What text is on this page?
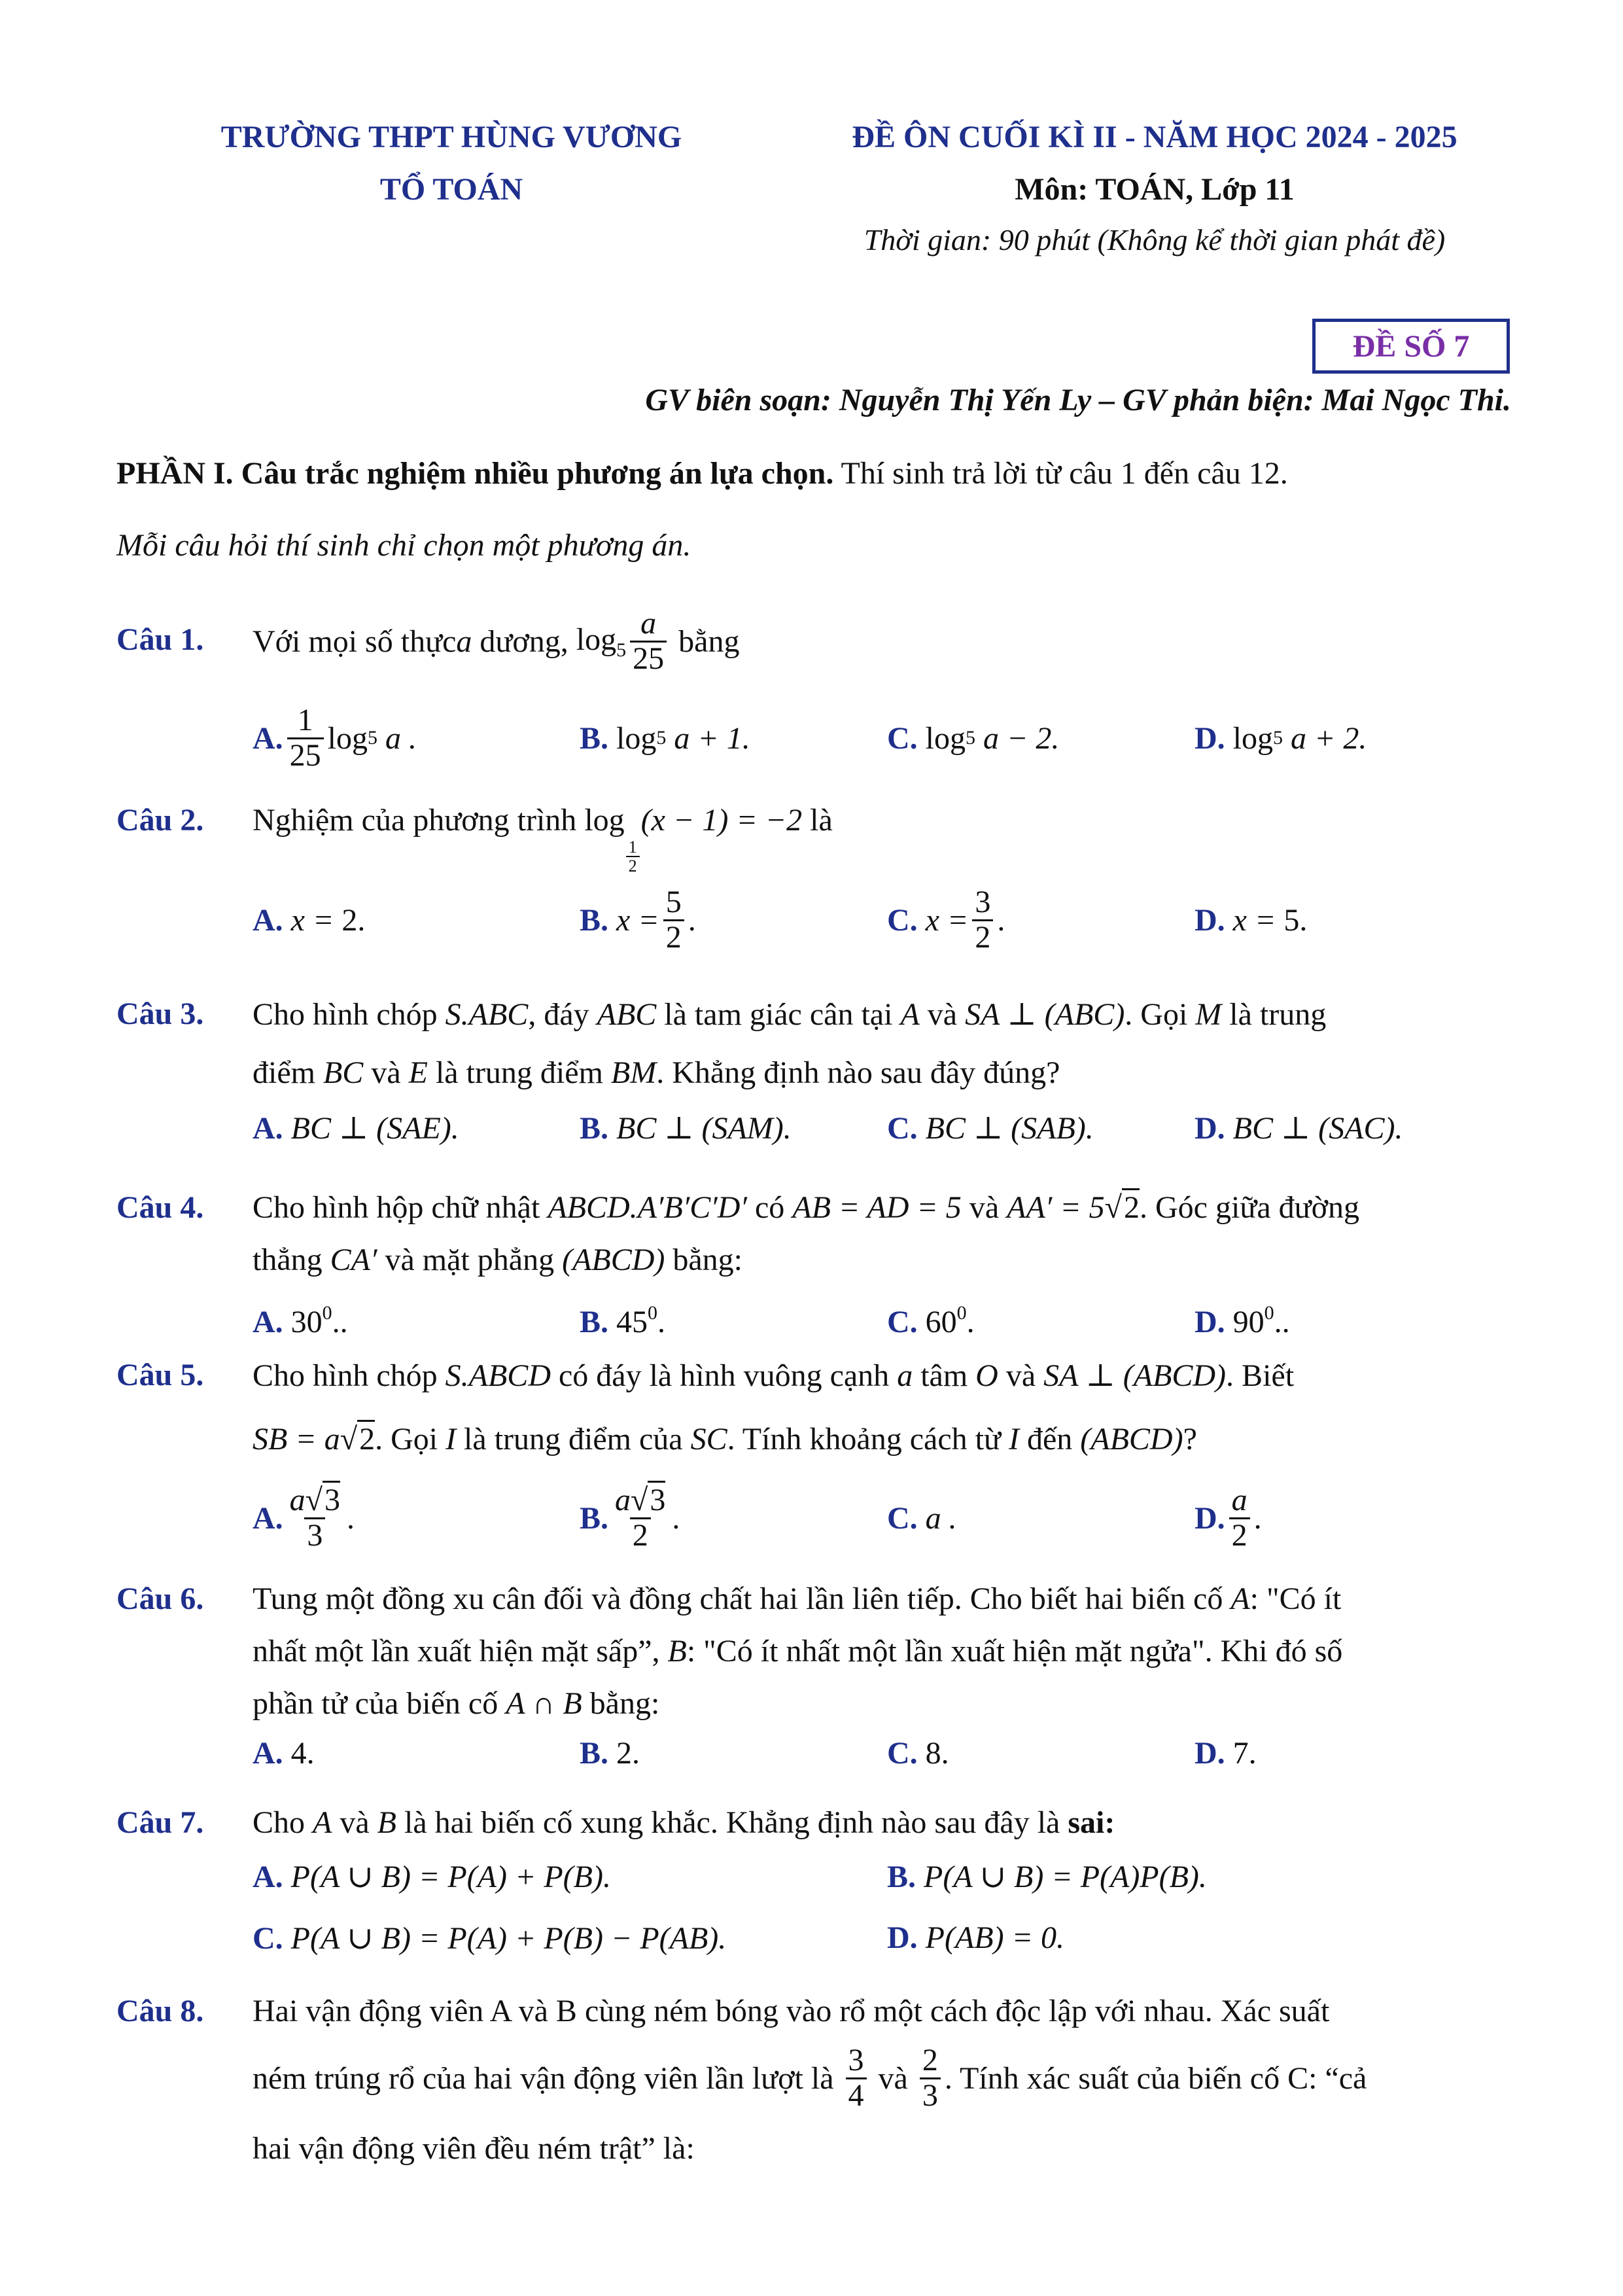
TRƯỜNG THPT HÙNG VƯƠNG
TỔ TOÁN
ĐỀ ÔN CUỐI KÌ II - NĂM HỌC 2024 - 2025
Môn: TOÁN, Lớp 11
Thời gian: 90 phút (Không kể thời gian phát đề)
ĐỀ SỐ 7
GV biên soạn: Nguyễn Thị Yến Ly – GV phản biện: Mai Ngọc Thi.
PHẦN I. Câu trắc nghiệm nhiều phương án lựa chọn. Thí sinh trả lời từ câu 1 đến câu 12.
Mỗi câu hỏi thí sinh chỉ chọn một phương án.
Câu 1. Với mọi số thực a dương, $\log_5 \frac{a}{25}$ bằng
A. $\frac{1}{25}$ log 5
a .	B.
log 5
a + 1.	C.
log 5
a − 2.	D.
log 5
a + 2.
Câu 2. Nghiệm của phương trình log
$\frac{1}{2}$
(x − 1) = −2 là
A.
x =
2.	B.
$x = \frac{5}{2}$ .	C.
$x = \frac{3}{2}$ .	D.
x =
5.
Câu 3. Cho hình chóp S.ABC, đáy ABC là tam giác cân tại A và SA ⊥ (ABC). Gọi M là trung
điểm BC và E là trung điểm BM. Khẳng định nào sau đây đúng?
A. BC ⊥ (SAE).	B. BC ⊥ (SAM).	C. BC ⊥ (SAB).	D. BC ⊥ (SAC).
Câu 4. Cho hình hộp chữ nhật ABCD.A′B′C′D′ có AB = AD = 5 và AA′ = 5√2. Góc giữa đường
thẳng CA′ và mặt phẳng (ABCD) bằng:
A. $30^0$..	B. $45^0$.	C. $60^0$.	D. $90^0$..
Câu 5. Cho hình chóp S.ABCD có đáy là hình vuông cạnh a tâm O và SA ⊥ (ABCD). Biết
SB = a√2. Gọi I là trung điểm của SC. Tính khoảng cách từ I đến (ABCD)?
A. $\frac{a√3}{3}$ .	B. $\frac{a√3}{2}$ .	C.
a .	D. $\frac{a}{2}$ .
Câu 6. Tung một đồng xu cân đối và đồng chất hai lần liên tiếp. Cho biết hai biến cố A: "Có ít
nhất một lần xuất hiện mặt sấp”, B: "Có ít nhất một lần xuất hiện mặt ngửa". Khi đó số
phần tử của biến cố A ∩ B bằng:
A. 4.	B. 2.	C. 8.	D. 7.
Câu 7. Cho A và B là hai biến cố xung khắc. Khẳng định nào sau đây là sai:
A. P(A ∪ B) = P(A) + P(B).	B. P(A ∪ B) = P(A)P(B).
C. P(A ∪ B) = P(A) + P(B) − P(AB).	D. P(AB) = 0.
Câu 8. Hai vận động viên A và B cùng ném bóng vào rổ một cách độc lập với nhau. Xác suất
ném trúng rổ của hai vận động viên lần lượt là $\frac{3}{4}$ và $\frac{2}{3}$ . Tính xác suất của biến cố C: “cả
hai vận động viên đều ném trật” là:
